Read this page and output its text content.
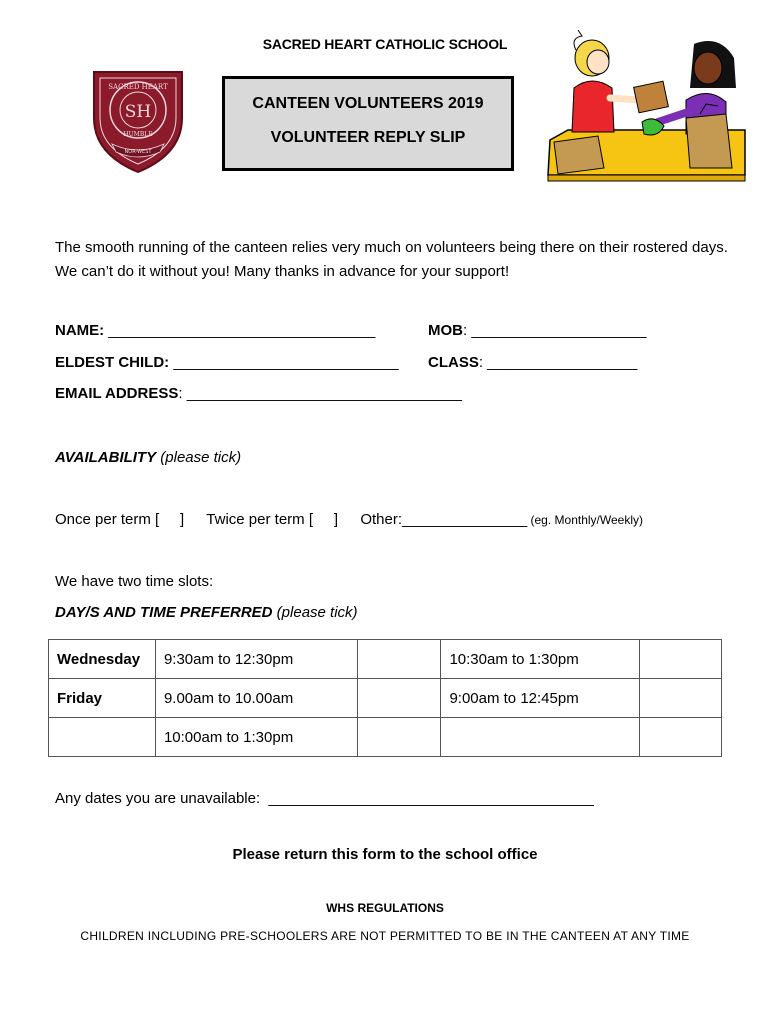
SACRED HEART CATHOLIC SCHOOL
SACRED HEART
SH
HUMBLE
NOR-WEST
CANTEEN VOLUNTEERS 2019
VOLUNTEER REPLY SLIP
The smooth running of the canteen relies very much on volunteers being there on their rostered days. We can’t do it without you! Many thanks in advance for your support!
NAME: ________________________________	MOB: _____________________
ELDEST CHILD: ___________________________ CLASS: __________________
EMAIL ADDRESS: _________________________________
AVAILABILITY (please tick)
Once per term [     ] Twice per term [     ] Other:_______________ (eg. Monthly/Weekly)
We have two time slots:
DAY/S AND TIME PREFERRED (please tick)
Wednesday	9:30am to 12:30pm		10:30am to 1:30pm	
Friday	9.00am to 10.00am		9:00am to 12:45pm	
	10:00am to 1:30pm			
Any dates you are unavailable:  _______________________________________
Please return this form to the school office
WHS REGULATIONS
CHILDREN INCLUDING PRE-SCHOOLERS ARE NOT PERMITTED TO BE IN THE CANTEEN AT ANY TIME
